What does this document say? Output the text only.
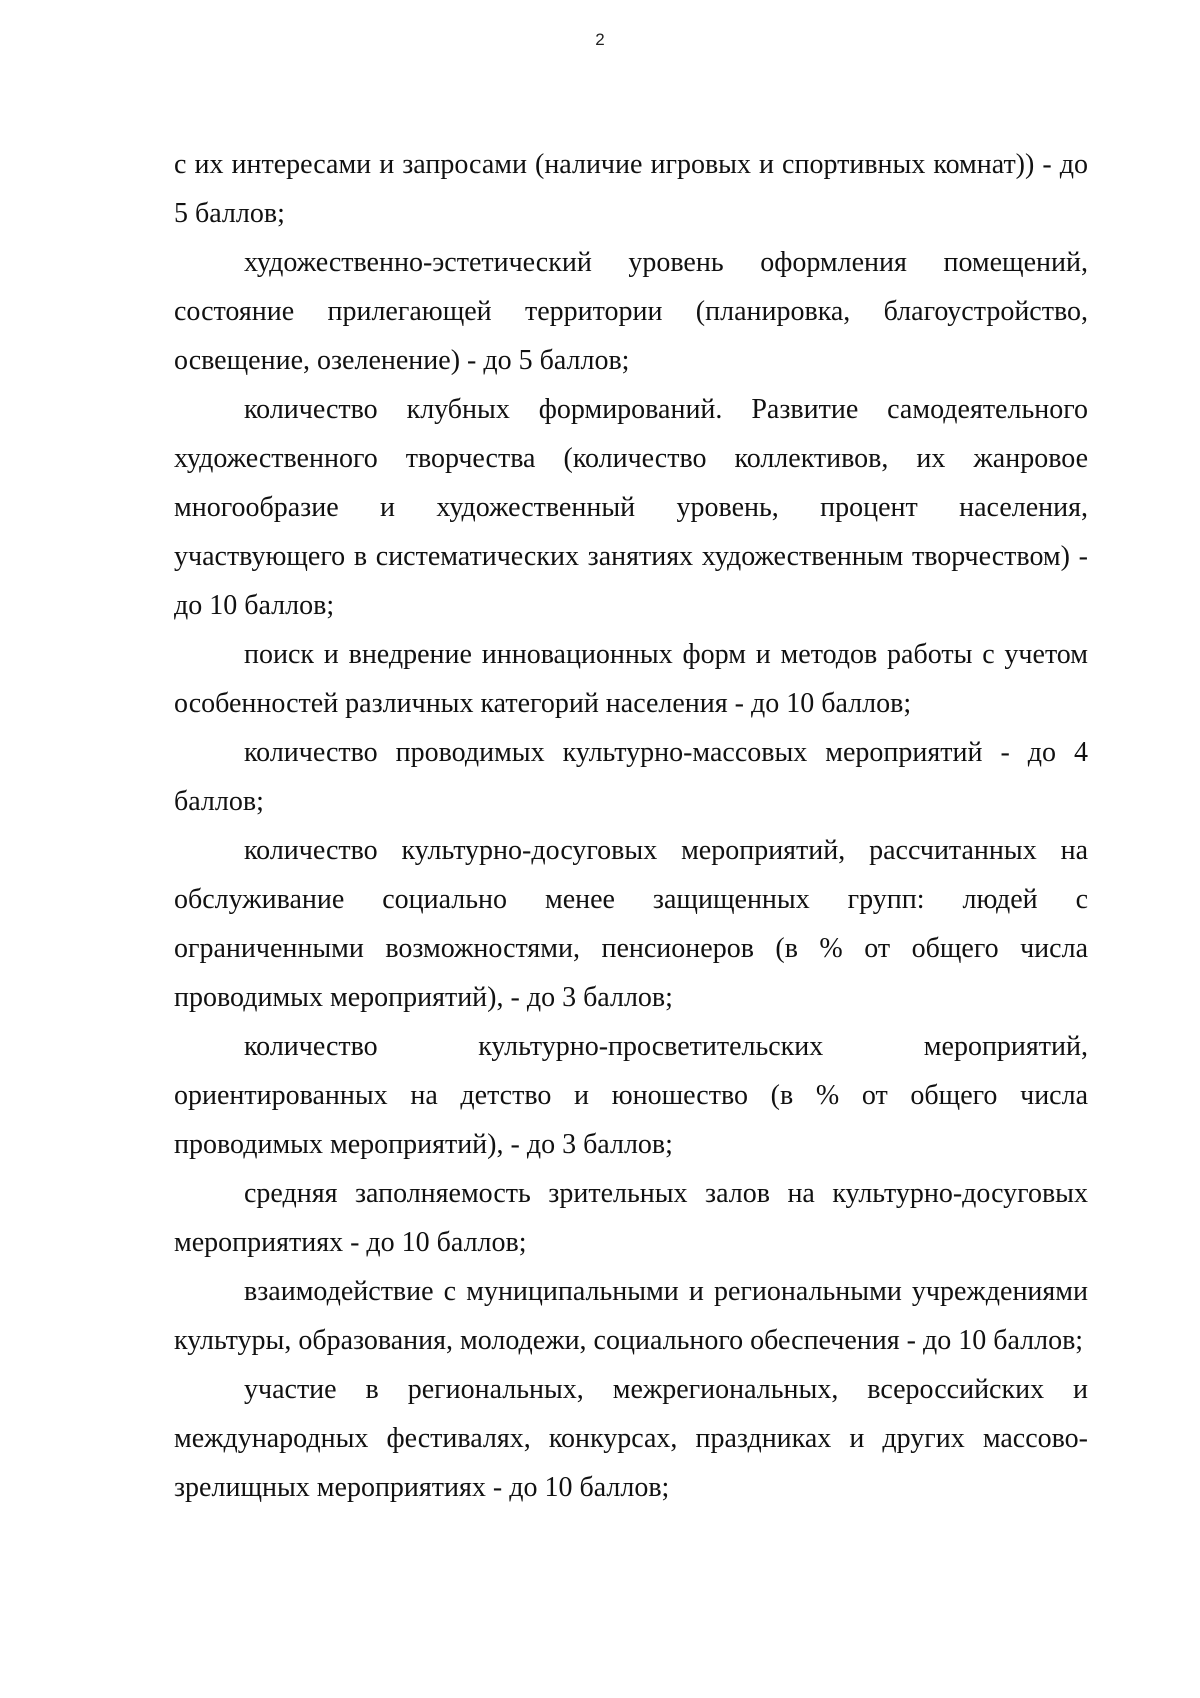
2

с их интересами и запросами (наличие игровых и спортивных комнат)) - до 5 баллов;

художественно-эстетический уровень оформления помещений, состояние прилегающей территории (планировка, благоустройство, освещение, озеленение) - до 5 баллов;

количество клубных формирований. Развитие самодеятельного художественного творчества (количество коллективов, их жанровое многообразие и художественный уровень, процент населения, участвующего в систематических занятиях художественным творчеством) - до 10 баллов;

поиск и внедрение инновационных форм и методов работы с учетом особенностей различных категорий населения - до 10 баллов;

количество проводимых культурно-массовых мероприятий - до 4 баллов;

количество культурно-досуговых мероприятий, рассчитанных на обслуживание социально менее защищенных групп: людей с ограниченными возможностями, пенсионеров (в % от общего числа проводимых мероприятий), - до 3 баллов;

количество культурно-просветительских мероприятий, ориентированных на детство и юношество (в % от общего числа проводимых мероприятий), - до 3 баллов;

средняя заполняемость зрительных залов на культурно-досуговых мероприятиях - до 10 баллов;

взаимодействие с муниципальными и региональными учреждениями культуры, образования, молодежи, социального обеспечения - до 10 баллов;

участие в региональных, межрегиональных, всероссийских и международных фестивалях, конкурсах, праздниках и других массово-зрелищных мероприятиях - до 10 баллов;
